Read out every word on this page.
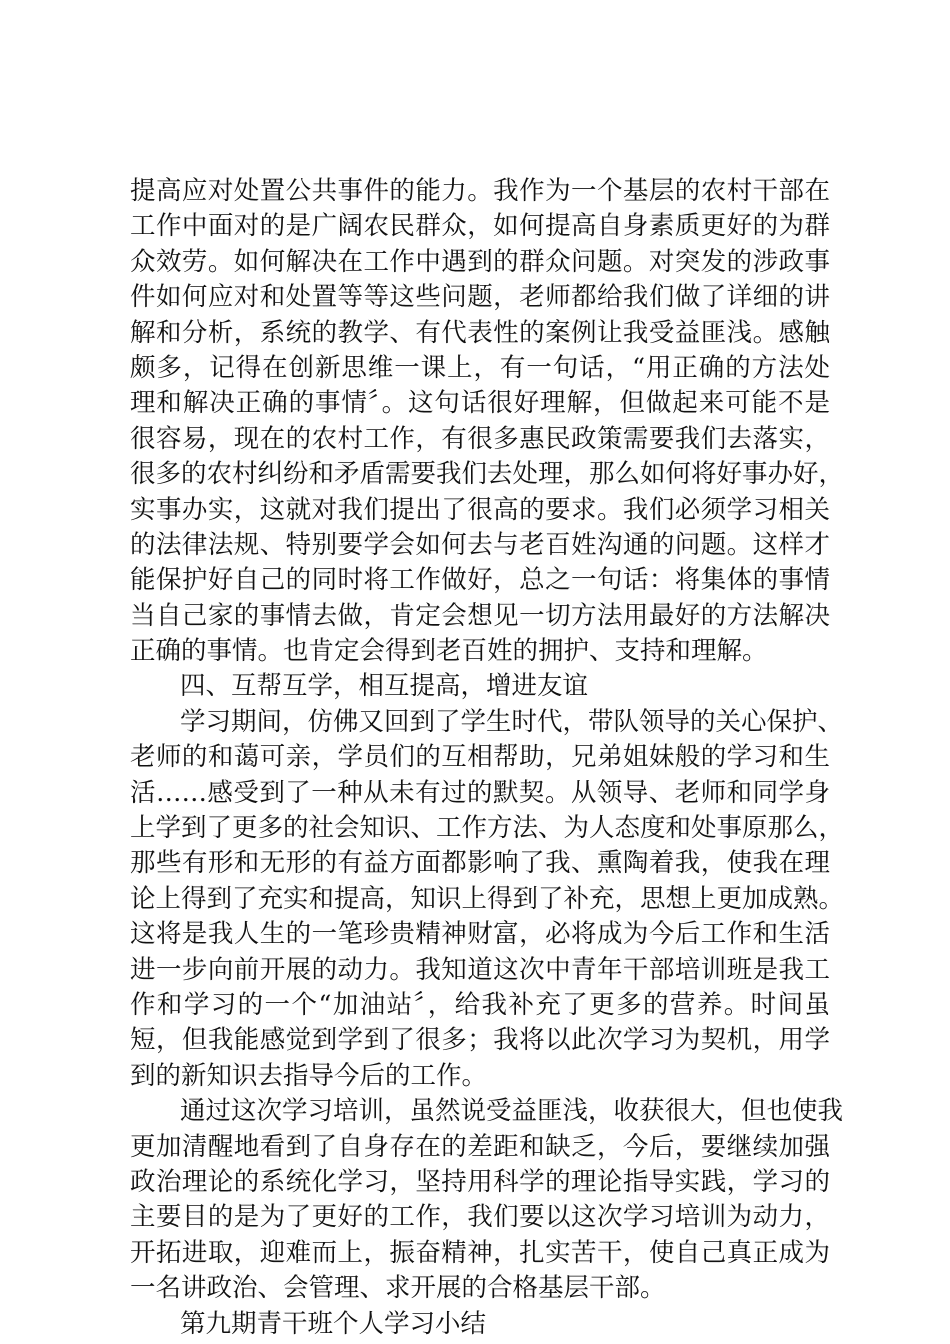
提高应对处置公共事件的能力。我作为一个基层的农村干部在
工作中面对的是广阔农民群众，如何提高自身素质更好的为群
众效劳。如何解决在工作中遇到的群众问题。对突发的涉政事
件如何应对和处置等等这些问题，老师都给我们做了详细的讲
解和分析，系统的教学、有代表性的案例让我受益匪浅。感触
颇多，记得在创新思维一课上，有一句话，“用正确的方法处
理和解决正确的事情〞。这句话很好理解，但做起来可能不是
很容易，现在的农村工作，有很多惠民政策需要我们去落实，
很多的农村纠纷和矛盾需要我们去处理，那么如何将好事办好，
实事办实，这就对我们提出了很高的要求。我们必须学习相关
的法律法规、特别要学会如何去与老百姓沟通的问题。这样才
能保护好自己的同时将工作做好，总之一句话：将集体的事情
当自己家的事情去做，肯定会想见一切方法用最好的方法解决
正确的事情。也肯定会得到老百姓的拥护、支持和理解。
四、互帮互学，相互提高，增进友谊
学习期间，仿佛又回到了学生时代，带队领导的关心保护、
老师的和蔼可亲，学员们的互相帮助，兄弟姐妹般的学习和生
活……感受到了一种从未有过的默契。从领导、老师和同学身
上学到了更多的社会知识、工作方法、为人态度和处事原那么，
那些有形和无形的有益方面都影响了我、熏陶着我，使我在理
论上得到了充实和提高，知识上得到了补充，思想上更加成熟。
这将是我人生的一笔珍贵精神财富，必将成为今后工作和生活
进一步向前开展的动力。我知道这次中青年干部培训班是我工
作和学习的一个“加油站〞，给我补充了更多的营养。时间虽
短，但我能感觉到学到了很多；我将以此次学习为契机，用学
到的新知识去指导今后的工作。
通过这次学习培训，虽然说受益匪浅，收获很大，但也使我
更加清醒地看到了自身存在的差距和缺乏，今后，要继续加强
政治理论的系统化学习，坚持用科学的理论指导实践，学习的
主要目的是为了更好的工作，我们要以这次学习培训为动力，
开拓进取，迎难而上，振奋精神，扎实苦干，使自己真正成为
一名讲政治、会管理、求开展的合格基层干部。
第九期青干班个人学习小结
